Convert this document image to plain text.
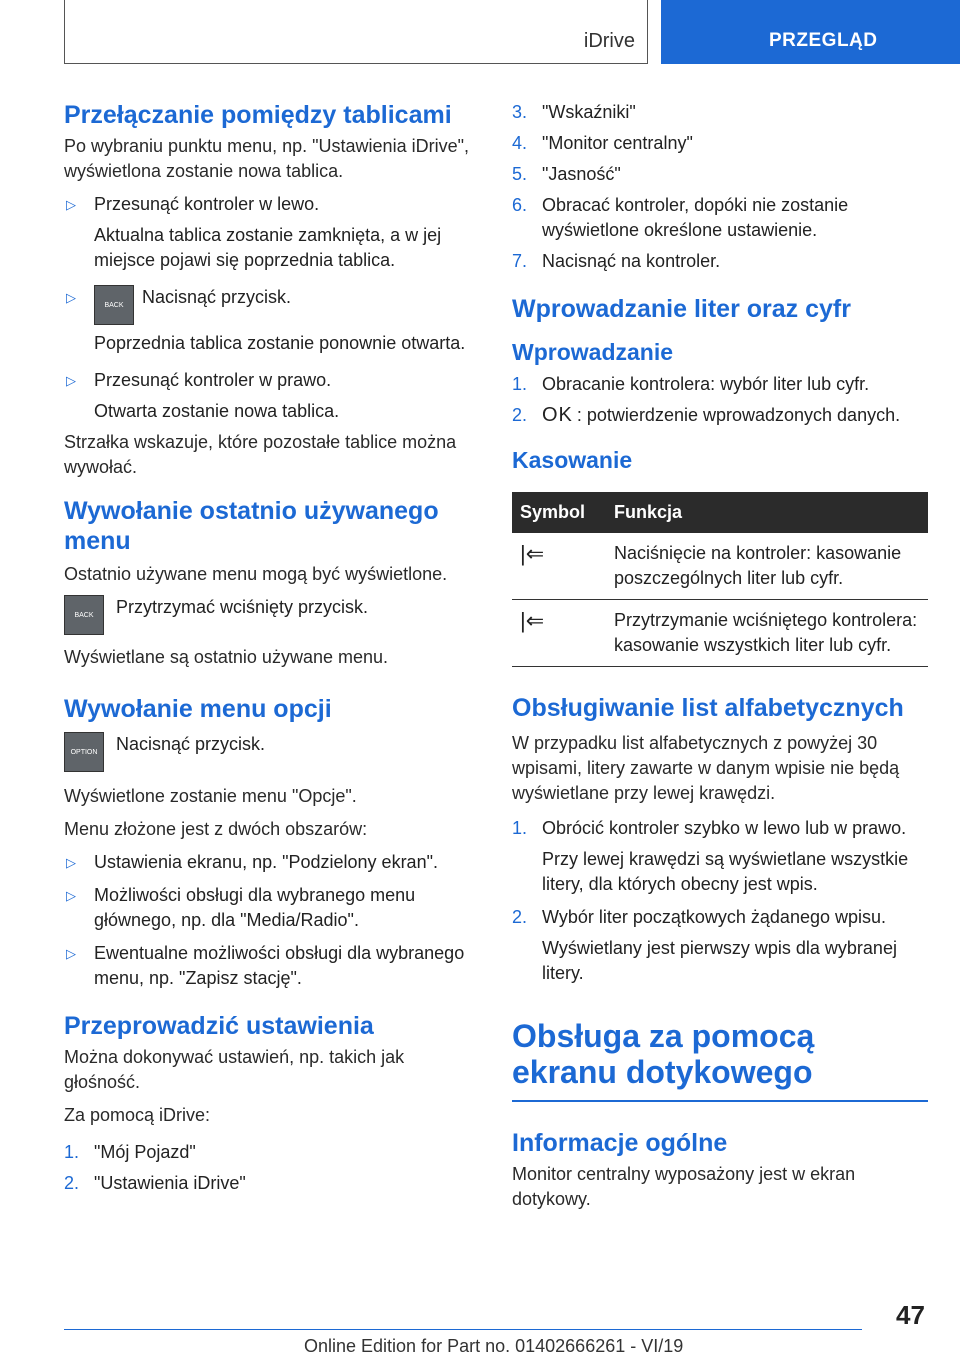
iDrive	PRZEGLĄD
Przełączanie pomiędzy tablicami

Po wybraniu punktu menu, np. "Ustawienia iDrive", wyświetlona zostanie nowa tablica.

▷ Przesunąć kontroler w lewo.
Aktualna tablica zostanie zamknięta, a w jej miejsce pojawi się poprzednia tablica.
▷
BACK Nacisnąć przycisk.
Poprzednia tablica zostanie ponownie otwarta.
▷ Przesunąć kontroler w prawo.
Otwarta zostanie nowa tablica.

Strzałka wskazuje, które pozostałe tablice można wywołać.

Wywołanie ostatnio używanego menu

Ostatnio używane menu mogą być wyświetlone.

BACK	Przytrzymać wciśnięty przycisk.

Wyświetlane są ostatnio używane menu.

Wywołanie menu opcji
OPTION	Nacisnąć przycisk.

Wyświetlone zostanie menu "Opcje".

Menu złożone jest z dwóch obszarów:

▷ Ustawienia ekranu, np. "Podzielony ekran".
▷ Możliwości obsługi dla wybranego menu głównego, np. dla "Media/Radio".
▷ Ewentualne możliwości obsługi dla wybranego menu, np. "Zapisz stację".
Przeprowadzić ustawienia

Można dokonywać ustawień, np. takich jak głośność.

Za pomocą iDrive:

1. "Mój Pojazd"
2. "Ustawienia iDrive"
3. "Wskaźniki"
4. "Monitor centralny"
5. "Jasność"
6. Obracać kontroler, dopóki nie zostanie wyświetlone określone ustawienie.
7. Nacisnąć na kontroler.
Wprowadzanie liter oraz cyfr
Wprowadzanie
1. Obracanie kontrolera: wybór liter lub cyfr.
2. OK : potwierdzenie wprowadzonych danych.
Kasowanie
Symbol	Funkcja
|⇐	Naciśnięcie na kontroler: kasowanie poszczególnych liter lub cyfr.
|⇐	Przytrzymanie wciśniętego kontrolera: kasowanie wszystkich liter lub cyfr.
Obsługiwanie list alfabetycznych

W przypadku list alfabetycznych z powyżej 30 wpisami, litery zawarte w danym wpisie nie będą wyświetlane przy lewej krawędzi.

1. Obrócić kontroler szybko w lewo lub w prawo.
Przy lewej krawędzi są wyświetlane wszystkie litery, dla których obecny jest wpis.
2. Wybór liter początkowych żądanego wpisu.
Wyświetlany jest pierwszy wpis dla wybranej litery.
Obsługa za pomocą ekranu dotykowego
Informacje ogólne

Monitor centralny wyposażony jest w ekran dotykowy.

47
Online Edition for Part no. 01402666261 - VI/19
